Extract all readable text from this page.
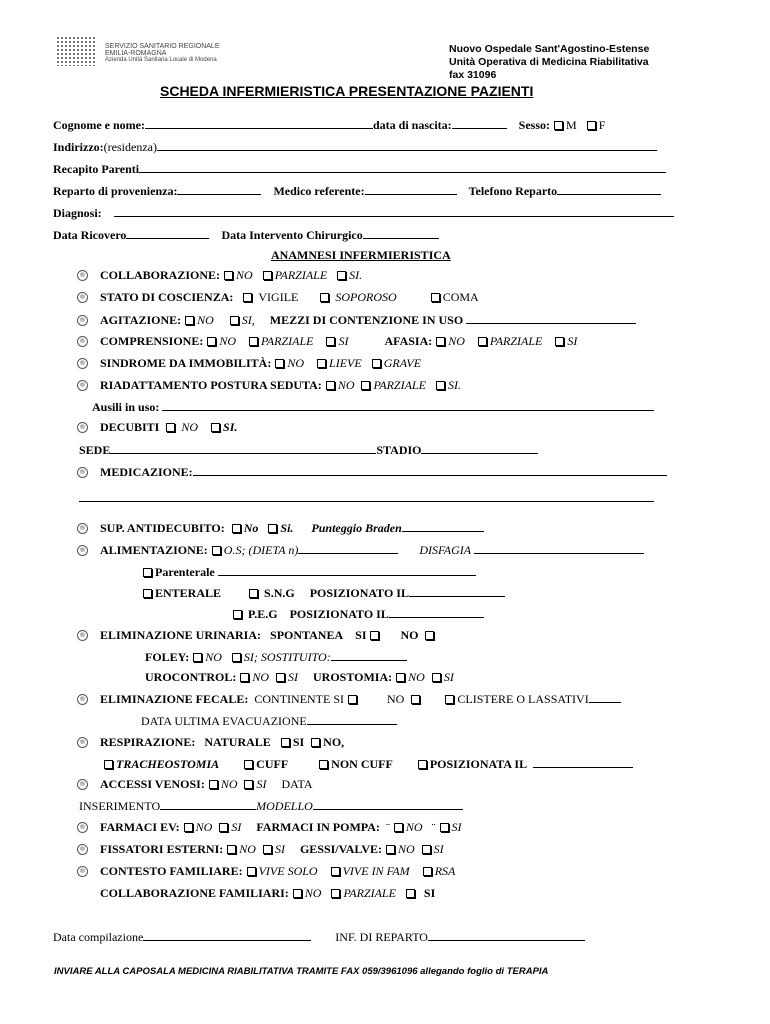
SERVIZIO SANITARIO REGIONALE
EMILIA-ROMAGNA
Azienda Unità Sanitaria Locale di Modena
Nuovo Ospedale Sant'Agostino-Estense
Unità Operativa di Medicina Riabilitativa
fax 31096
SCHEDA INFERMIERISTICA PRESENTAZIONE PAZIENTI
Cognome e nome:	data di nascita:	Sesso: M F
Indirizzo:(residenza)
Recapito Parenti
Reparto di provenienza:	Medico referente:	Telefono Reparto
Diagnosi:
Data Ricovero	Data Intervento Chirurgico
ANAMNESI INFERMIERISTICA
® COLLABORAZIONE: NO PARZIALE SI.
® STATO DI COSCIENZA: VIGILE	SOPOROSO	COMA
® AGITAZIONE: NO SI, MEZZI DI CONTENZIONE IN USO
® COMPRENSIONE: NO PARZIALE SI	AFASIA: NO PARZIALE SI
® SINDROME DA IMMOBILITÀ: NO LIEVE GRAVE
® RIADATTAMENTO POSTURA SEDUTA: NO PARZIALE SI.
Ausili in uso:
® DECUBITI NO SI.
SEDE	STADIO
® MEDICAZIONE:
® SUP. ANTIDECUBITO: No Si. Punteggio Braden
® ALIMENTAZIONE: O.S; (DIETA n)	DISFAGIA
Parenterale
ENTERALE	S.N.G POSIZIONATO IL
P.E.G POSIZIONATO IL
® ELIMINAZIONE URINARIA: SPONTANEA SI	NO
FOLEY: NO SI; SOSTITUITO:
UROCONTROL: NO SI UROSTOMIA: NO SI
® ELIMINAZIONE FECALE: CONTINENTE SI	NO	CLISTERE O LASSATIVI
DATA ULTIMA EVACUAZIONE
® RESPIRAZIONE: NATURALE SI NO,
TRACHEOSTOMIA	CUFF	NON CUFF	POSIZIONATA IL
® ACCESSI VENOSI: NO SI DATA
INSERIMENTO	MODELLO
® FARMACI EV: NO SI FARMACI IN POMPA:  ¨ NO   ¨ SI
® FISSATORI ESTERNI: NO SI GESSI/VALVE: NO SI
® CONTESTO FAMILIARE: VIVE SOLO VIVE IN FAM RSA
COLLABORAZIONE FAMILIARI: NO PARZIALE SI
Data compilazione	INF. DI REPARTO
INVIARE ALLA CAPOSALA MEDICINA RIABILITATIVA TRAMITE FAX 059/3961096 allegando foglio di TERAPIA
